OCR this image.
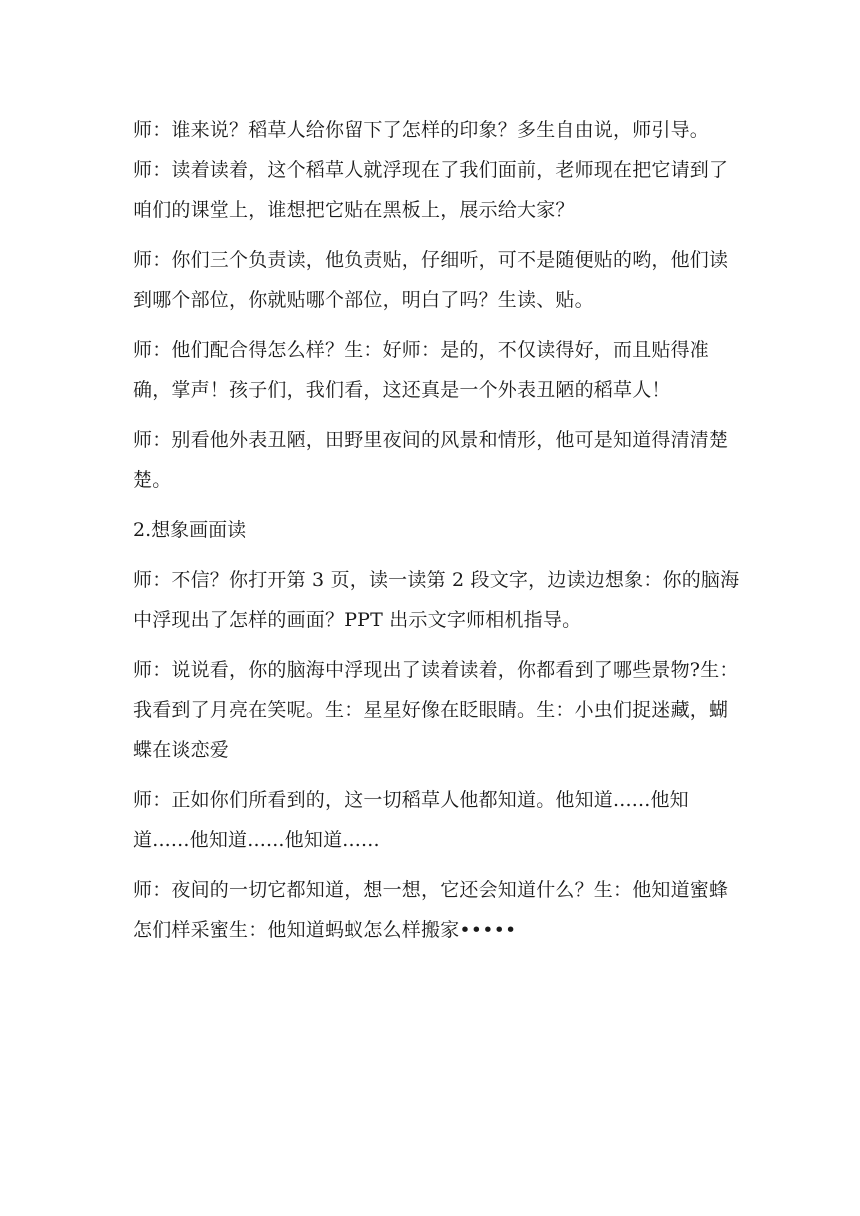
师：谁来说？稻草人给你留下了怎样的印象？多生自由说，师引导。

师：读着读着，这个稻草人就浮现在了我们面前，老师现在把它请到了咱们的课堂上，谁想把它贴在黑板上，展示给大家？

师：你们三个负责读，他负责贴，仔细听，可不是随便贴的哟，他们读到哪个部位，你就贴哪个部位，明白了吗？生读、贴。

师：他们配合得怎么样？生：好师：是的，不仅读得好，而且贴得准确，掌声！孩子们，我们看，这还真是一个外表丑陋的稻草人！

师：别看他外表丑陋，田野里夜间的风景和情形，他可是知道得清清楚楚。

2.想象画面读

师：不信？你打开第 3 页，读一读第 2 段文字，边读边想象：你的脑海中浮现出了怎样的画面？PPT 出示文字师相机指导。

师：说说看，你的脑海中浮现出了读着读着，你都看到了哪些景物?生：我看到了月亮在笑呢。生：星星好像在眨眼睛。生：小虫们捉迷藏，蝴蝶在谈恋爱

师：正如你们所看到的，这一切稻草人他都知道。他知道......他知道......他知道......他知道......

师：夜间的一切它都知道，想一想，它还会知道什么？生：他知道蜜蜂怎们样采蜜生：他知道蚂蚁怎么样搬家•••••
